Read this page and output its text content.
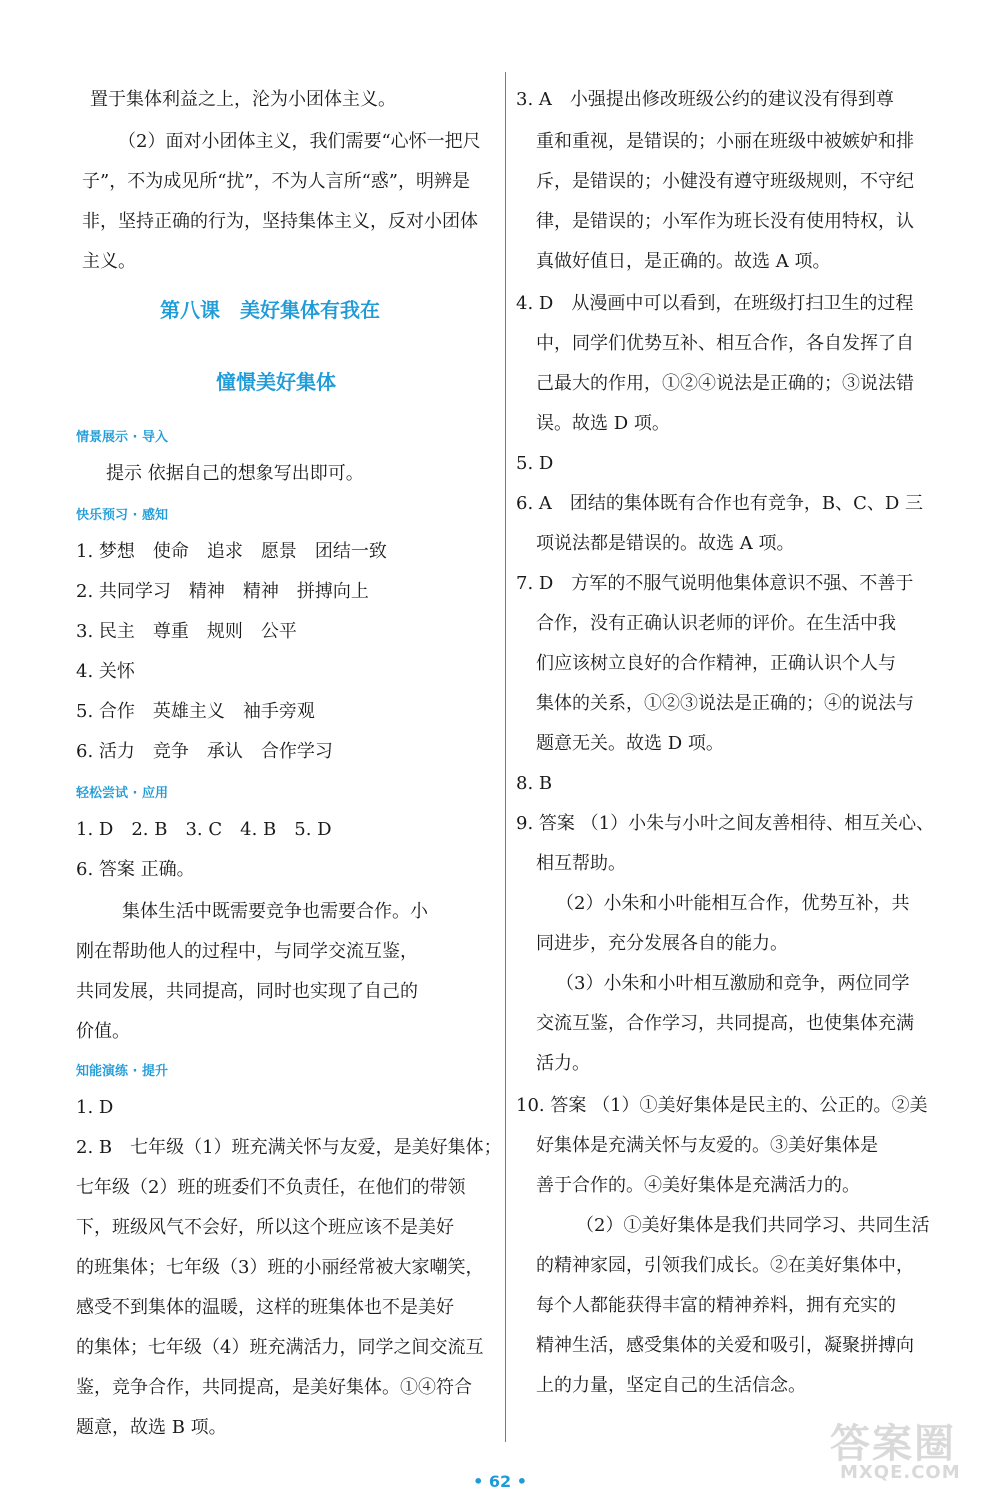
置于集体利益之上，沦为小团体主义。
（2）面对小团体主义，我们需要“心怀一把尺
子”，不为成见所“扰”，不为人言所“惑”，明辨是
非，坚持正确的行为，坚持集体主义，反对小团体
主义。
第八课　美好集体有我在
憧憬美好集体
情景展示 · 导入
提示 依据自己的想象写出即可。
快乐预习 · 感知
1. 梦想　使命　追求　愿景　团结一致
2. 共同学习　精神　精神　拼搏向上
3. 民主　尊重　规则　公平
4. 关怀
5. 合作　英雄主义　袖手旁观
6. 活力　竞争　承认　合作学习
轻松尝试 · 应用
1. D　2. B　3. C　4. B　5. D
6. 答案 正确。
集体生活中既需要竞争也需要合作。小
刚在帮助他人的过程中，与同学交流互鉴，
共同发展，共同提高，同时也实现了自己的
价值。
知能演练 · 提升
1. D
2. B　七年级（1）班充满关怀与友爱，是美好集体；
七年级（2）班的班委们不负责任，在他们的带领
下，班级风气不会好，所以这个班应该不是美好
的班集体；七年级（3）班的小丽经常被大家嘲笑，
感受不到集体的温暖，这样的班集体也不是美好
的集体；七年级（4）班充满活力，同学之间交流互
鉴，竞争合作，共同提高，是美好集体。①④符合
题意，故选 B 项。
3. A　小强提出修改班级公约的建议没有得到尊
重和重视，是错误的；小丽在班级中被嫉妒和排
斥，是错误的；小健没有遵守班级规则，不守纪
律，是错误的；小军作为班长没有使用特权，认
真做好值日，是正确的。故选 A 项。
4. D　从漫画中可以看到，在班级打扫卫生的过程
中，同学们优势互补、相互合作，各自发挥了自
己最大的作用，①②④说法是正确的；③说法错
误。故选 D 项。
5. D
6. A　团结的集体既有合作也有竞争，B、C、D 三
项说法都是错误的。故选 A 项。
7. D　方军的不服气说明他集体意识不强、不善于
合作，没有正确认识老师的评价。在生活中我
们应该树立良好的合作精神，正确认识个人与
集体的关系，①②③说法是正确的；④的说法与
题意无关。故选 D 项。
8. B
9. 答案 （1）小朱与小叶之间友善相待、相互关心、
相互帮助。
（2）小朱和小叶能相互合作，优势互补，共
同进步，充分发展各自的能力。
（3）小朱和小叶相互激励和竞争，两位同学
交流互鉴，合作学习，共同提高，也使集体充满
活力。
10. 答案 （1）①美好集体是民主的、公正的。②美
好集体是充满关怀与友爱的。③美好集体是
善于合作的。④美好集体是充满活力的。
（2）①美好集体是我们共同学习、共同生活
的精神家园，引领我们成长。②在美好集体中，
每个人都能获得丰富的精神养料，拥有充实的
精神生活，感受集体的关爱和吸引，凝聚拼搏向
上的力量，坚定自己的生活信念。
• 62 •
答案圈
MXQE.COM
